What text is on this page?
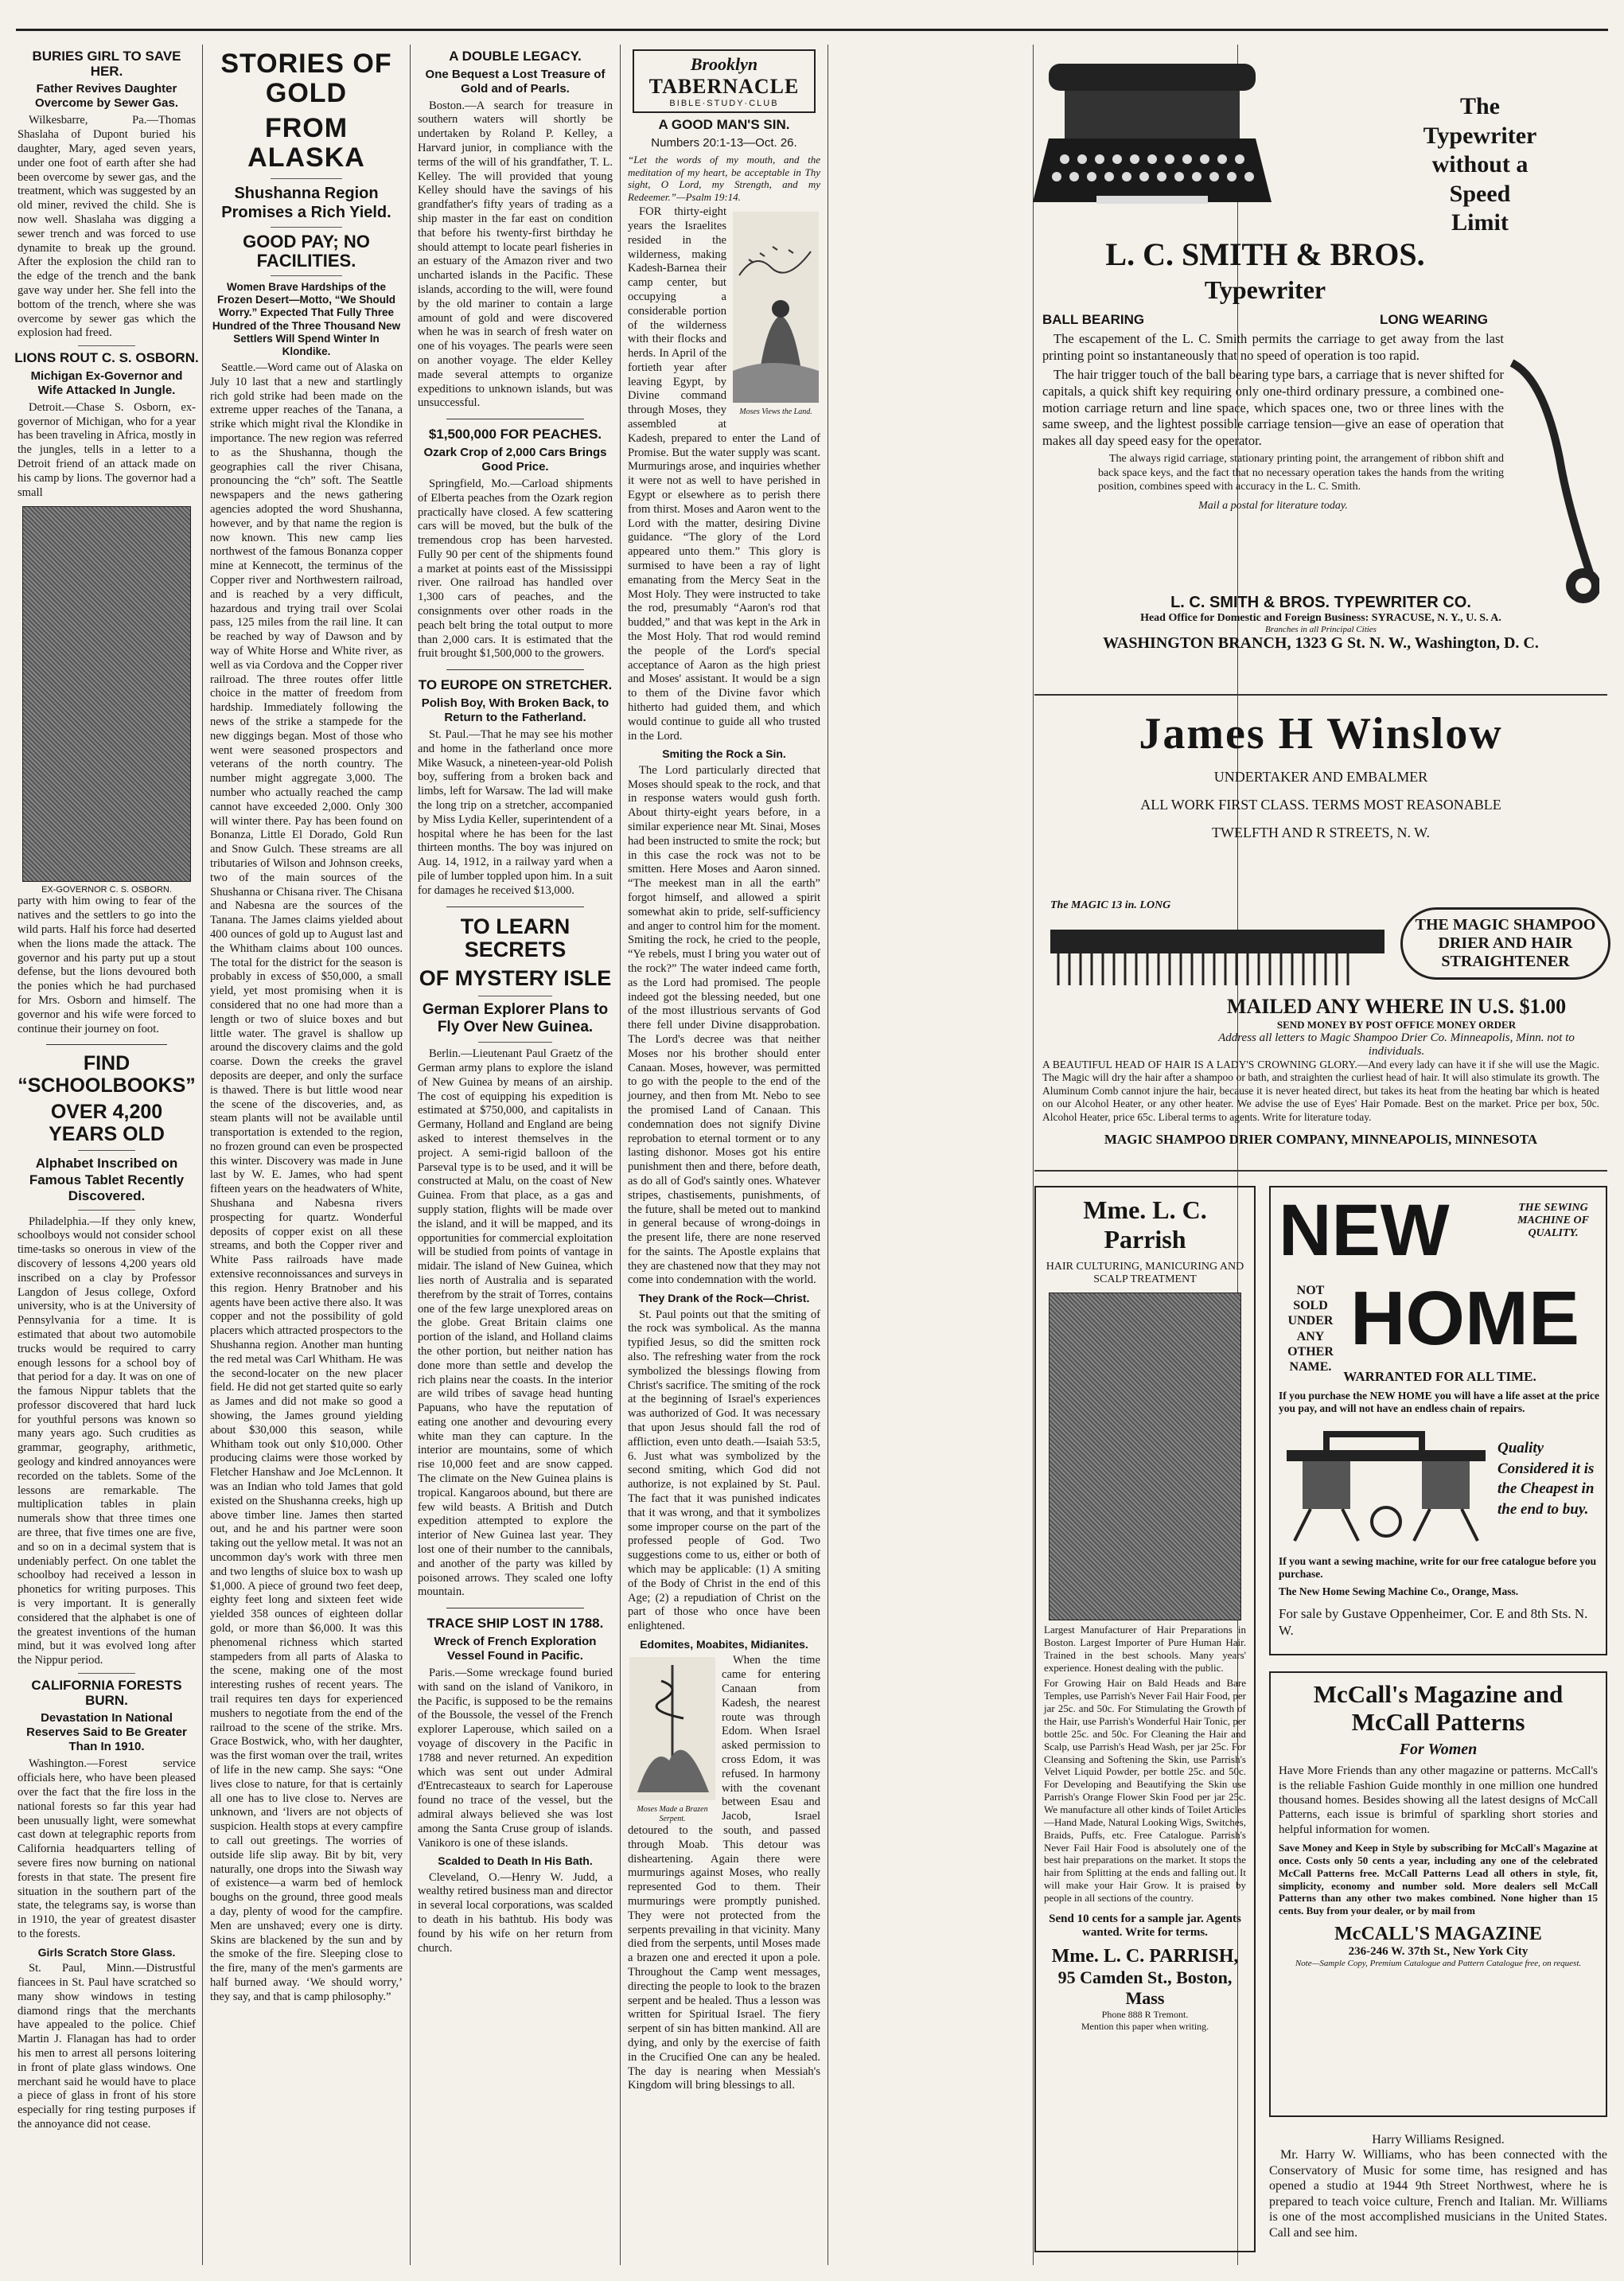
BURIES GIRL TO SAVE HER.
Father Revives Daughter Overcome by Sewer Gas.

Wilkesbarre, Pa.—Thomas Shaslaha of Dupont buried his daughter, Mary, aged seven years, under one foot of earth after she had been overcome by sewer gas, and the treatment, which was suggested by an old miner, revived the child. She is now well. Shaslaha was digging a sewer trench and was forced to use dynamite to break up the ground. After the explosion the child ran to the edge of the trench and the bank gave way under her. She fell into the bottom of the trench, where she was overcome by sewer gas which the explosion had freed.

LIONS ROUT C. S. OSBORN.
Michigan Ex-Governor and Wife Attacked In Jungle.

Detroit.—Chase S. Osborn, ex-governor of Michigan, who for a year has been traveling in Africa, mostly in the jungles, tells in a letter to a Detroit friend of an attack made on his camp by lions. The governor had a small

EX-GOVERNOR C. S. OSBORN.

party with him owing to fear of the natives and the settlers to go into the wild parts. Half his force had deserted when the lions made the attack. The governor and his party put up a stout defense, but the lions devoured both the ponies which he had purchased for Mrs. Osborn and himself. The governor and his wife were forced to continue their journey on foot.

FIND “SCHOOLBOOKS”
OVER 4,200 YEARS OLD
Alphabet Inscribed on Famous Tablet Recently Discovered.

Philadelphia.—If they only knew, schoolboys would not consider school time-tasks so onerous in view of the discovery of lessons 4,200 years old inscribed on a clay by Professor Langdon of Jesus college, Oxford university, who is at the University of Pennsylvania for a time. It is estimated that about two automobile trucks would be required to carry enough lessons for a school boy of that period for a day. It was on one of the famous Nippur tablets that the professor discovered that hard luck for youthful persons was known so many years ago. Such crudities as grammar, geography, arithmetic, geology and kindred annoyances were recorded on the tablets. Some of the lessons are remarkable. The multiplication tables in plain numerals show that three times one are three, that five times one are five, and so on in a decimal system that is undeniably perfect. On one tablet the schoolboy had received a lesson in phonetics for writing purposes. This is very important. It is generally considered that the alphabet is one of the greatest inventions of the human mind, but it was evolved long after the Nippur period.

CALIFORNIA FORESTS BURN.
Devastation In National Reserves Said to Be Greater Than In 1910.

Washington.—Forest service officials here, who have been pleased over the fact that the fire loss in the national forests so far this year had been unusually light, were somewhat cast down at telegraphic reports from California headquarters telling of severe fires now burning on national forests in that state. The present fire situation in the southern part of the state, the telegrams say, is worse than in 1910, the year of greatest disaster to the forests.

Girls Scratch Store Glass.

St. Paul, Minn.—Distrustful fiancees in St. Paul have scratched so many show windows in testing diamond rings that the merchants have appealed to the police. Chief Martin J. Flanagan has had to order his men to arrest all persons loitering in front of plate glass windows. One merchant said he would have to place a piece of glass in front of his store especially for ring testing purposes if the annoyance did not cease.

STORIES OF GOLD
FROM ALASKA
Shushanna Region Promises a Rich Yield.
GOOD PAY; NO FACILITIES.
Women Brave Hardships of the Frozen Desert—Motto, “We Should Worry.” Expected That Fully Three Hundred of the Three Thousand New Settlers Will Spend Winter In Klondike.

Seattle.—Word came out of Alaska on July 10 last that a new and startlingly rich gold strike had been made on the extreme upper reaches of the Tanana, a strike which might rival the Klondike in importance. The new region was referred to as the Shushanna, though the geographies call the river Chisana, pronouncing the “ch” soft. The Seattle newspapers and the news gathering agencies adopted the word Shushanna, however, and by that name the region is now known. This new camp lies northwest of the famous Bonanza copper mine at Kennecott, the terminus of the Copper river and Northwestern railroad, and is reached by a very difficult, hazardous and trying trail over Scolai pass, 125 miles from the rail line. It can be reached by way of Dawson and by way of White Horse and White river, as well as via Cordova and the Copper river railroad. The three routes offer little choice in the matter of freedom from hardship. Immediately following the news of the strike a stampede for the new diggings began. Most of those who went were seasoned prospectors and veterans of the north country. The number might aggregate 3,000. The number who actually reached the camp cannot have exceeded 2,000. Only 300 will winter there. Pay has been found on Bonanza, Little El Dorado, Gold Run and Snow Gulch. These streams are all tributaries of Wilson and Johnson creeks, two of the main sources of the Shushanna or Chisana river. The Chisana and Nabesna are the sources of the Tanana. The James claims yielded about 400 ounces of gold up to August last and the Whitham claims about 100 ounces. The total for the district for the season is probably in excess of $50,000, a small yield, yet most promising when it is considered that no one had more than a length or two of sluice boxes and but little water. The gravel is shallow up around the discovery claims and the gold coarse. Down the creeks the gravel deposits are deeper, and only the surface is thawed. There is but little wood near the scene of the discoveries, and, as steam plants will not be available until transportation is extended to the region, no frozen ground can even be prospected this winter. Discovery was made in June last by W. E. James, who had spent fifteen years on the headwaters of White, Shushana and Nabesna rivers prospecting for quartz. Wonderful deposits of copper exist on all these streams, and both the Copper river and White Pass railroads have made extensive reconnoissances and surveys in this region. Henry Bratnober and his agents have been active there also. It was copper and not the possibility of gold placers which attracted prospectors to the Shushanna region. Another man hunting the red metal was Carl Whitham. He was the second-locater on the new placer field. He did not get started quite so early as James and did not make so good a showing, the James ground yielding about $30,000 this season, while Whitham took out only $10,000. Other producing claims were those worked by Fletcher Hanshaw and Joe McLennon. It was an Indian who told James that gold existed on the Shushanna creeks, high up above timber line. James then started out, and he and his partner were soon taking out the yellow metal. It was not an uncommon day's work with three men and two lengths of sluice box to wash up $1,000. A piece of ground two feet deep, eighty feet long and sixteen feet wide yielded 358 ounces of eighteen dollar gold, or more than $6,000. It was this phenomenal richness which started stampeders from all parts of Alaska to the scene, making one of the most interesting rushes of recent years. The trail requires ten days for experienced mushers to negotiate from the end of the railroad to the scene of the strike. Mrs. Grace Bostwick, who, with her daughter, was the first woman over the trail, writes of life in the new camp. She says: “One lives close to nature, for that is certainly all one has to live close to. Nerves are unknown, and ‘livers are not objects of suspicion. Health stops at every campfire to call out greetings. The worries of outside life slip away. Bit by bit, very naturally, one drops into the Siwash way of existence—a warm bed of hemlock boughs on the ground, three good meals a day, plenty of wood for the campfire. Men are unshaved; every one is dirty. Skins are blackened by the sun and by the smoke of the fire. Sleeping close to the fire, many of the men's garments are half burned away. ‘We should worry,’ they say, and that is camp philosophy.”

A DOUBLE LEGACY.
One Bequest a Lost Treasure of Gold and of Pearls.

Boston.—A search for treasure in southern waters will shortly be undertaken by Roland P. Kelley, a Harvard junior, in compliance with the terms of the will of his grandfather, T. L. Kelley. The will provided that young Kelley should have the savings of his grandfather's fifty years of trading as a ship master in the far east on condition that before his twenty-first birthday he should attempt to locate pearl fisheries in an estuary of the Amazon river and two uncharted islands in the Pacific. These islands, according to the will, were found by the old mariner to contain a large amount of gold and were discovered when he was in search of fresh water on one of his voyages. The pearls were seen on another voyage. The elder Kelley made several attempts to organize expeditions to unknown islands, but was unsuccessful.

$1,500,000 FOR PEACHES.
Ozark Crop of 2,000 Cars Brings Good Price.

Springfield, Mo.—Carload shipments of Elberta peaches from the Ozark region practically have closed. A few scattering cars will be moved, but the bulk of the tremendous crop has been harvested. Fully 90 per cent of the shipments found a market at points east of the Mississippi river. One railroad has handled over 1,300 cars of peaches, and the consignments over other roads in the peach belt bring the total output to more than 2,000 cars. It is estimated that the fruit brought $1,500,000 to the growers.

TO EUROPE ON STRETCHER.
Polish Boy, With Broken Back, to Return to the Fatherland.

St. Paul.—That he may see his mother and home in the fatherland once more Mike Wasuck, a nineteen-year-old Polish boy, suffering from a broken back and limbs, left for Warsaw. The lad will make the long trip on a stretcher, accompanied by Miss Lydia Keller, superintendent of a hospital where he has been for the last thirteen months. The boy was injured on Aug. 14, 1912, in a railway yard when a pile of lumber toppled upon him. In a suit for damages he received $13,000.

TO LEARN SECRETS
OF MYSTERY ISLE
German Explorer Plans to Fly Over New Guinea.

Berlin.—Lieutenant Paul Graetz of the German army plans to explore the island of New Guinea by means of an airship. The cost of equipping his expedition is estimated at $750,000, and capitalists in Germany, Holland and England are being asked to interest themselves in the project. A semi-rigid balloon of the Parseval type is to be used, and it will be constructed at Malu, on the coast of New Guinea. From that place, as a gas and supply station, flights will be made over the island, and it will be mapped, and its opportunities for commercial exploitation will be studied from points of vantage in midair. The island of New Guinea, which lies north of Australia and is separated therefrom by the strait of Torres, contains one of the few large unexplored areas on the globe. Great Britain claims one portion of the island, and Holland claims the other portion, but neither nation has done more than settle and develop the rich plains near the coasts. In the interior are wild tribes of savage head hunting Papuans, who have the reputation of eating one another and devouring every white man they can capture. In the interior are mountains, some of which rise 10,000 feet and are snow capped. The climate on the New Guinea plains is tropical. Kangaroos abound, but there are few wild beasts. A British and Dutch expedition attempted to explore the interior of New Guinea last year. They lost one of their number to the cannibals, and another of the party was killed by poisoned arrows. They scaled one lofty mountain.

TRACE SHIP LOST IN 1788.
Wreck of French Exploration Vessel Found in Pacific.

Paris.—Some wreckage found buried with sand on the island of Vanikoro, in the Pacific, is supposed to be the remains of the Boussole, the vessel of the French explorer Laperouse, which sailed on a voyage of discovery in the Pacific in 1788 and never returned. An expedition which was sent out under Admiral d'Entrecasteaux to search for Laperouse found no trace of the vessel, but the admiral always believed she was lost among the Santa Cruse group of islands. Vanikoro is one of these islands.

Scalded to Death In His Bath.

Cleveland, O.—Henry W. Judd, a wealthy retired business man and director in several local corporations, was scalded to death in his bathtub. His body was found by his wife on her return from church.

Brooklyn
TABERNACLE
BIBLE·STUDY·CLUB
A GOOD MAN'S SIN.
Numbers 20:1-13—Oct. 26.

“Let the words of my mouth, and the meditation of my heart, be acceptable in Thy sight, O Lord, my Strength, and my Redeemer.”—Psalm 19:14.

Moses Views the Land.

FOR thirty-eight years the Israelites resided in the wilderness, making Kadesh-Barnea their camp center, but occupying a considerable portion of the wilderness with their flocks and herds. In April of the fortieth year after leaving Egypt, by Divine command through Moses, they assembled at Kadesh, prepared to enter the Land of Promise. But the water supply was scant. Murmurings arose, and inquiries whether it were not as well to have perished in Egypt or elsewhere as to perish there from thirst. Moses and Aaron went to the Lord with the matter, desiring Divine guidance. “The glory of the Lord appeared unto them.” This glory is surmised to have been a ray of light emanating from the Mercy Seat in the Most Holy. They were instructed to take the rod, presumably “Aaron's rod that budded,” and that was kept in the Ark in the Most Holy. That rod would remind the people of the Lord's special acceptance of Aaron as the high priest and Moses' assistant. It would be a sign to them of the Divine favor which hitherto had guided them, and which would continue to guide all who trusted in the Lord.

Smiting the Rock a Sin.

The Lord particularly directed that Moses should speak to the rock, and that in response waters would gush forth. About thirty-eight years before, in a similar experience near Mt. Sinai, Moses had been instructed to smite the rock; but in this case the rock was not to be smitten. Here Moses and Aaron sinned. “The meekest man in all the earth” forgot himself, and allowed a spirit somewhat akin to pride, self-sufficiency and anger to control him for the moment. Smiting the rock, he cried to the people, “Ye rebels, must I bring you water out of the rock?” The water indeed came forth, as the Lord had promised. The people indeed got the blessing needed, but one of the most illustrious servants of God there fell under Divine disapprobation. The Lord's decree was that neither Moses nor his brother should enter Canaan. Moses, however, was permitted to go with the people to the end of the journey, and then from Mt. Nebo to see the promised Land of Canaan. This condemnation does not signify Divine reprobation to eternal torment or to any lasting dishonor. Moses got his entire punishment then and there, before death, as do all of God's saintly ones. Whatever stripes, chastisements, punishments, of the future, shall be meted out to mankind in general because of wrong-doings in the present life, there are none reserved for the saints. The Apostle explains that they are chastened now that they may not come into condemnation with the world.

They Drank of the Rock—Christ.

St. Paul points out that the smiting of the rock was symbolical. As the manna typified Jesus, so did the smitten rock also. The refreshing water from the rock symbolized the blessings flowing from Christ's sacrifice. The smiting of the rock at the beginning of Israel's experiences was authorized of God. It was necessary that upon Jesus should fall the rod of affliction, even unto death.—Isaiah 53:5, 6. Just what was symbolized by the second smiting, which God did not authorize, is not explained by St. Paul. The fact that it was punished indicates that it was wrong, and that it symbolizes some improper course on the part of the professed people of God. Two suggestions come to us, either or both of which may be applicable: (1) A smiting of the Body of Christ in the end of this Age; (2) a repudiation of Christ on the part of those who once have been enlightened.

Edomites, Moabites, Midianites.
Moses Made a Brazen Serpent.

When the time came for entering Canaan from Kadesh, the nearest route was through Edom. When Israel asked permission to cross Edom, it was refused. In harmony with the covenant between Esau and Jacob, Israel detoured to the south, and passed through Moab. This detour was disheartening. Again there were murmurings against Moses, who really represented God to them. Their murmurings were promptly punished. They were not protected from the serpents prevailing in that vicinity. Many died from the serpents, until Moses made a brazen one and erected it upon a pole. Throughout the Camp went messages, directing the people to look to the brazen serpent and be healed. Thus a lesson was written for Spiritual Israel. The fiery serpent of sin has bitten mankind. All are dying, and only by the exercise of faith in the Crucified One can any be healed. The day is nearing when Messiah's Kingdom will bring blessings to all.

The
Typewriter
without a
Speed
Limit
L. C. SMITH & BROS.
Typewriter
BALL BEARING	LONG WEARING

The escapement of the L. C. Smith permits the carriage to get away from the last printing point so instantaneously that no speed of operation is too rapid.

The hair trigger touch of the ball bearing type bars, a carriage that is never shifted for capitals, a quick shift key requiring only one-third ordinary pressure, a combined one-motion carriage return and line space, which spaces one, two or three lines with the same sweep, and the lightest possible carriage tension—give an ease of operation that makes all day speed easy for the operator.

The always rigid carriage, stationary printing point, the arrangement of ribbon shift and back space keys, and the fact that no necessary operation takes the hands from the writing position, combines speed with accuracy in the L. C. Smith.

Mail a postal for literature today.
L. C. SMITH & BROS. TYPEWRITER CO.
Head Office for Domestic and Foreign Business: SYRACUSE, N. Y., U. S. A.
Branches in all Principal Cities
WASHINGTON BRANCH, 1323 G St. N. W., Washington, D. C.
James H Winslow
UNDERTAKER AND EMBALMER
ALL WORK FIRST CLASS. TERMS MOST REASONABLE
TWELFTH AND R STREETS, N. W.
The MAGIC 13 in. LONG
THE MAGIC SHAMPOO DRIER AND HAIR STRAIGHTENER
MAILED ANY WHERE IN U.S. $1.00
SEND MONEY BY POST OFFICE MONEY ORDER
Address all letters to Magic Shampoo Drier Co. Minneapolis, Minn. not to individuals.
A BEAUTIFUL HEAD OF HAIR IS A LADY'S CROWNING GLORY.—And every lady can have it if she will use the Magic. The Magic will dry the hair after a shampoo or bath, and straighten the curliest head of hair. It will also stimulate its growth. The Aluminum Comb cannot injure the hair, because it is never heated direct, but takes its heat from the heating bar which is heated on our Alcohol Heater, or any other heater. We advise the use of Eyes' Hair Pomade. Best on the market. Price per box, 50c. Alcohol Heater, price 65c. Liberal terms to agents. Write for literature today.
MAGIC SHAMPOO DRIER COMPANY, MINNEAPOLIS, MINNESOTA
Mme. L. C. Parrish
HAIR CULTURING, MANICURING AND SCALP TREATMENT
Largest Manufacturer of Hair Preparations in Boston. Largest Importer of Pure Human Hair. Trained in the best schools. Many years' experience. Honest dealing with the public.
For Growing Hair on Bald Heads and Bare Temples, use Parrish's Never Fail Hair Food, per jar 25c. and 50c. For Stimulating the Growth of the Hair, use Parrish's Wonderful Hair Tonic, per bottle 25c. and 50c. For Cleaning the Hair and Scalp, use Parrish's Head Wash, per jar 25c. For Cleansing and Softening the Skin, use Parrish's Velvet Liquid Powder, per bottle 25c. and 50c. For Developing and Beautifying the Skin use Parrish's Orange Flower Skin Food per jar 25c. We manufacture all other kinds of Toilet Articles—Hand Made, Natural Looking Wigs, Switches, Braids, Puffs, etc. Free Catalogue. Parrish's Never Fail Hair Food is absolutely one of the best hair preparations on the market. It stops the hair from Splitting at the ends and falling out. It will make your Hair Grow. It is praised by people in all sections of the country.
Send 10 cents for a sample jar. Agents wanted. Write for terms.
Mme. L. C. PARRISH,
95 Camden St., Boston, Mass
Phone 888 R Tremont.
Mention this paper when writing.
NEW	THE SEWING MACHINE OF QUALITY.
NOT SOLD UNDER ANY OTHER NAME.
HOME
WARRANTED FOR ALL TIME.
If you purchase the NEW HOME you will have a life asset at the price you pay, and will not have an endless chain of repairs.
Quality Considered it is the Cheapest in the end to buy.
If you want a sewing machine, write for our free catalogue before you purchase.
The New Home Sewing Machine Co., Orange, Mass.
For sale by Gustave Oppenheimer, Cor. E and 8th Sts. N. W.
McCall's Magazine and McCall Patterns
For Women
Have More Friends than any other magazine or patterns. McCall's is the reliable Fashion Guide monthly in one million one hundred thousand homes. Besides showing all the latest designs of McCall Patterns, each issue is brimful of sparkling short stories and helpful information for women.
Save Money and Keep in Style by subscribing for McCall's Magazine at once. Costs only 50 cents a year, including any one of the celebrated McCall Patterns free. McCall Patterns Lead all others in style, fit, simplicity, economy and number sold. More dealers sell McCall Patterns than any other two makes combined. None higher than 15 cents. Buy from your dealer, or by mail from
McCALL'S MAGAZINE
236-246 W. 37th St., New York City
Note—Sample Copy, Premium Catalogue and Pattern Catalogue free, on request.
Harry Williams Resigned.
Mr. Harry W. Williams, who has been connected with the Conservatory of Music for some time, has resigned and has opened a studio at 1944 9th Street Northwest, where he is prepared to teach voice culture, French and Italian. Mr. Williams is one of the most accomplished musicians in the United States. Call and see him.
